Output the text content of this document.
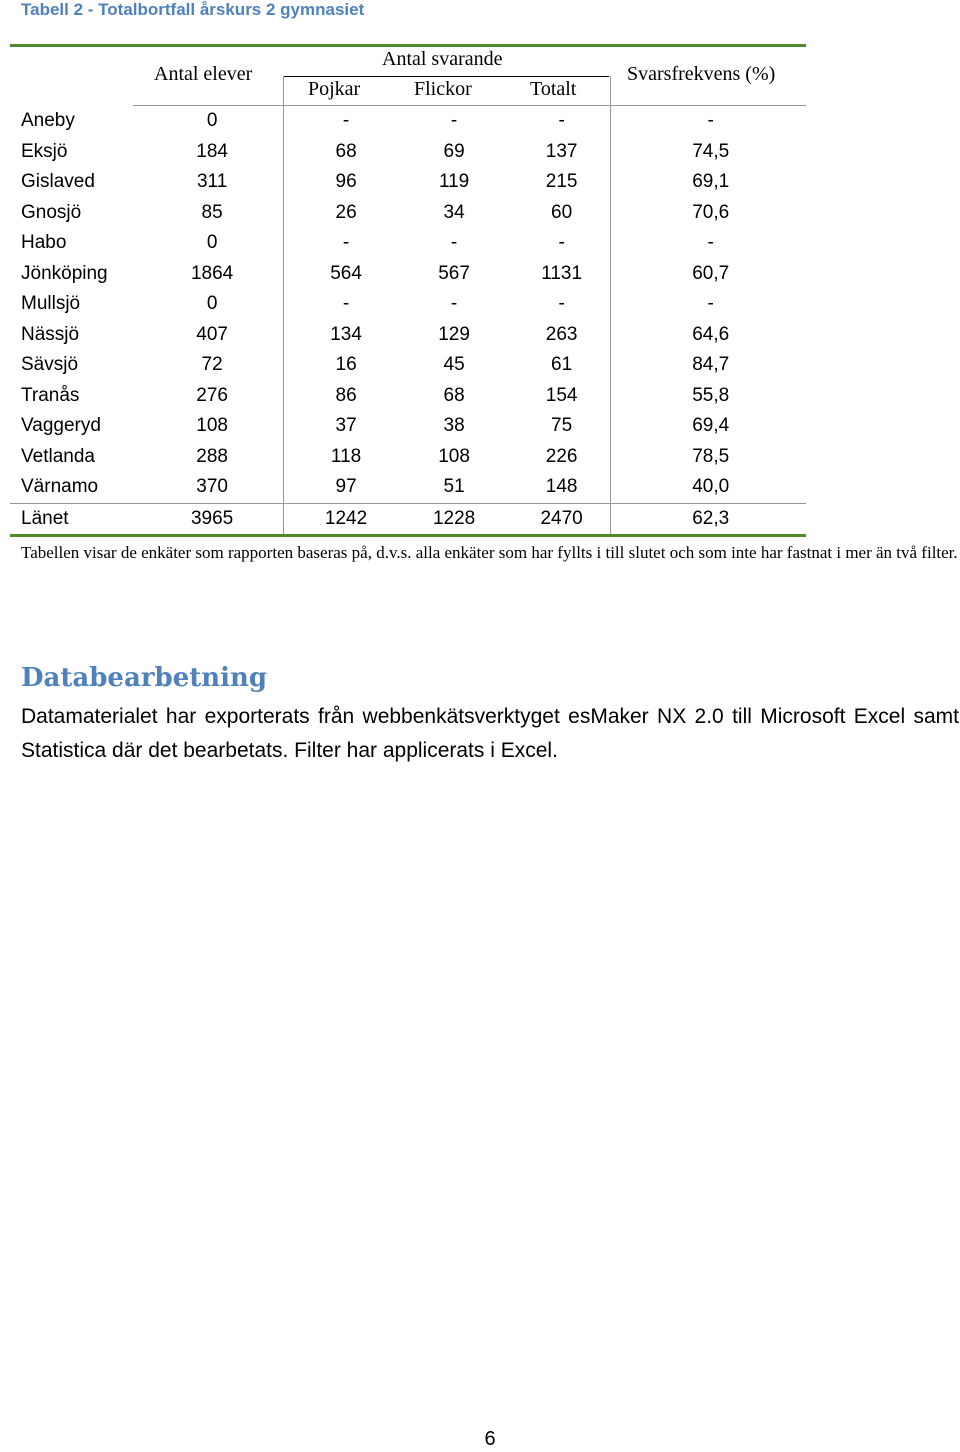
Tabell 2 - Totalbortfall årskurs 2 gymnasiet
Antal elever
Antal svarande
Pojkar	Flickor	Totalt
Svarsfrekvens (%)
Aneby	0	-	-	-	-
Eksjö	184	68	69	137	74,5
Gislaved	311	96	119	215	69,1
Gnosjö	85	26	34	60	70,6
Habo	0	-	-	-	-
Jönköping	1864	564	567	1131	60,7
Mullsjö	0	-	-	-	-
Nässjö	407	134	129	263	64,6
Sävsjö	72	16	45	61	84,7
Tranås	276	86	68	154	55,8
Vaggeryd	108	37	38	75	69,4
Vetlanda	288	118	108	226	78,5
Värnamo	370	97	51	148	40,0
Länet	3965	1242	1228	2470	62,3
Tabellen visar de enkäter som rapporten baseras på, d.v.s. alla enkäter som har fyllts i till slutet och som inte har fastnat i mer än två filter.
Databearbetning
Datamaterialet har exporterats från webbenkätsverktyget esMaker NX 2.0 till Microsoft Excel samt Statistica där det bearbetats. Filter har applicerats i Excel.
6
